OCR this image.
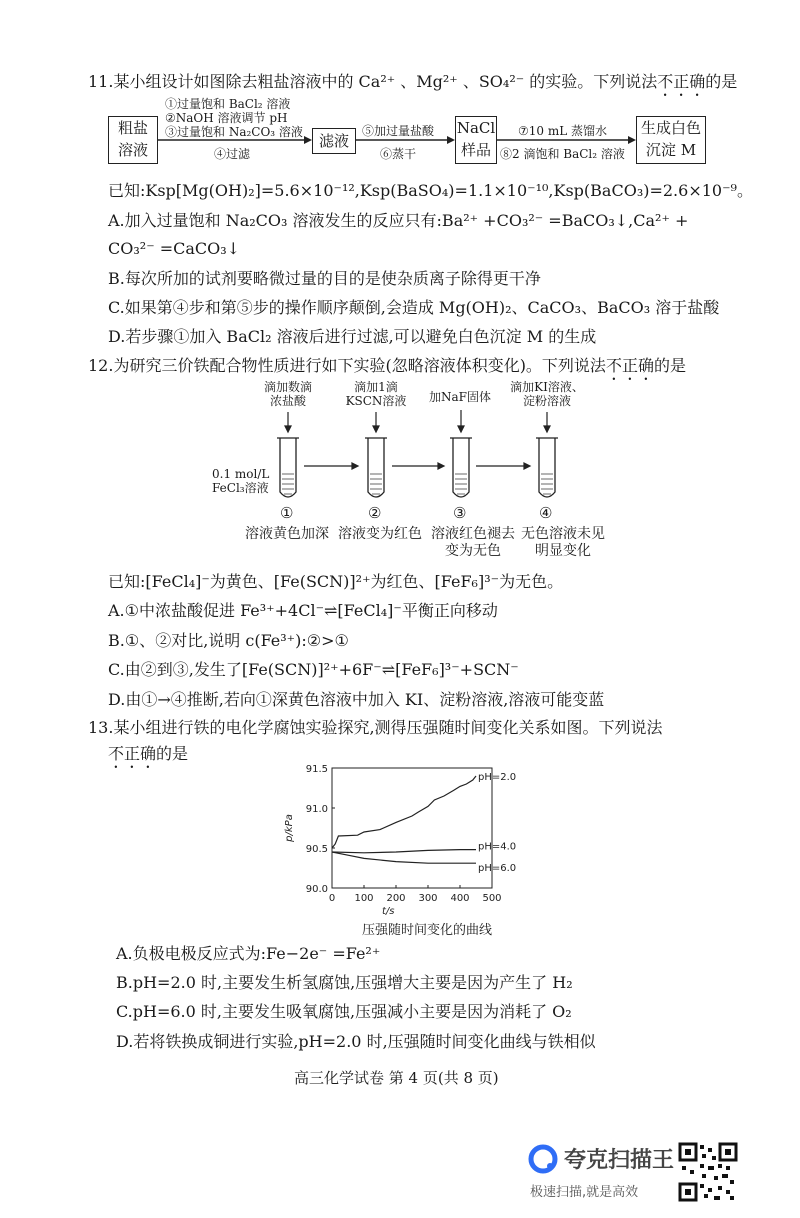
11.某小组设计如图除去粗盐溶液中的 Ca²⁺ 、Mg²⁺ 、SO₄²⁻ 的实验。下列说法不正确的是
粗盐
溶液
①过量饱和 BaCl₂ 溶液
②NaOH 溶液调节 pH
③过量饱和 Na₂CO₃ 溶液
④过滤
滤液
⑤加过量盐酸
⑥蒸干
NaCl
样品
⑦10 mL 蒸馏水
⑧2 滴饱和 BaCl₂ 溶液
生成白色
沉淀 M
已知:Ksp[Mg(OH)₂]=5.6×10⁻¹²,Ksp(BaSO₄)=1.1×10⁻¹⁰,Ksp(BaCO₃)=2.6×10⁻⁹。
A.加入过量饱和 Na₂CO₃ 溶液发生的反应只有:Ba²⁺ +CO₃²⁻ =BaCO₃↓,Ca²⁺ +
CO₃²⁻ =CaCO₃↓
B.每次所加的试剂要略微过量的目的是使杂质离子除得更干净
C.如果第④步和第⑤步的操作顺序颠倒,会造成 Mg(OH)₂、CaCO₃、BaCO₃ 溶于盐酸
D.若步骤①加入 BaCl₂ 溶液后进行过滤,可以避免白色沉淀 M 的生成
12.为研究三价铁配合物性质进行如下实验(忽略溶液体积变化)。下列说法不正确的是
滴加数滴
浓盐酸
滴加1滴
KSCN溶液	加NaF固体
滴加KI溶液、
淀粉溶液
0.1 mol/L
FeCl₃溶液
①	②	③	④
溶液黄色加深 溶液变为红色 溶液红色褪去
变为无色
无色溶液未见
明显变化
已知:[FeCl₄]⁻为黄色、[Fe(SCN)]²⁺为红色、[FeF₆]³⁻为无色。
A.①中浓盐酸促进 Fe³⁺+4Cl⁻⇌[FeCl₄]⁻平衡正向移动
B.①、②对比,说明 c(Fe³⁺):②>①
C.由②到③,发生了[Fe(SCN)]²⁺+6F⁻⇌[FeF₆]³⁻+SCN⁻
D.由①→④推断,若向①深黄色溶液中加入 KI、淀粉溶液,溶液可能变蓝
13.某小组进行铁的电化学腐蚀实验探究,测得压强随时间变化关系如图。下列说法
不正确的是
0 100 200 300 400 500
90.0
90.5
91.0
91.5
t/s
p/kPa
pH=2.0
pH=4.0
pH=6.0
压强随时间变化的曲线
A.负极电极反应式为:Fe−2e⁻ =Fe²⁺
B.pH=2.0 时,主要发生析氢腐蚀,压强增大主要是因为产生了 H₂
C.pH=6.0 时,主要发生吸氧腐蚀,压强减小主要是因为消耗了 O₂
D.若将铁换成铜进行实验,pH=2.0 时,压强随时间变化曲线与铁相似
高三化学试卷 第 4 页(共 8 页)
夸克扫描王
极速扫描,就是高效
